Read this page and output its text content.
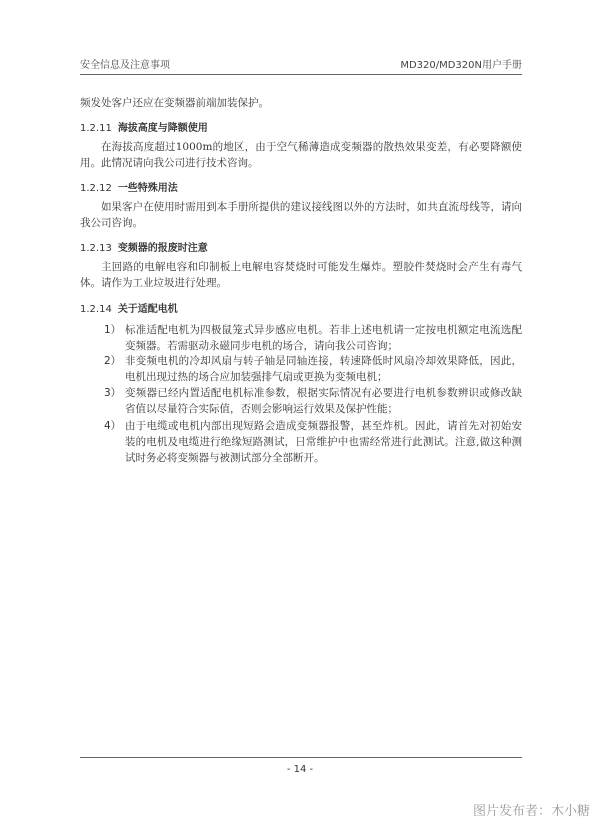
安全信息及注意事项	MD320/MD320N用户手册

频发处客户还应在变频器前端加装保护。

1.2.11 海拔高度与降额使用

在海拔高度超过1000m的地区，由于空气稀薄造成变频器的散热效果变差，有必要降额使用。此情况请向我公司进行技术咨询。

1.2.12 一些特殊用法

如果客户在使用时需用到本手册所提供的建议接线图以外的方法时，如共直流母线等，请向我公司咨询。

1.2.13 变频器的报废时注意

主回路的电解电容和印制板上电解电容焚烧时可能发生爆炸。塑胶件焚烧时会产生有毒气体。请作为工业垃圾进行处理。

1.2.14 关于适配电机

1） 标准适配电机为四极鼠笼式异步感应电机。若非上述电机请一定按电机额定电流选配变频器。若需驱动永磁同步电机的场合，请向我公司咨询；
2） 非变频电机的冷却风扇与转子轴是同轴连接，转速降低时风扇冷却效果降低，因此，电机出现过热的场合应加装强排气扇或更换为变频电机；
3） 变频器已经内置适配电机标准参数，根据实际情况有必要进行电机参数辨识或修改缺省值以尽量符合实际值，否则会影响运行效果及保护性能；
4） 由于电缆或电机内部出现短路会造成变频器报警，甚至炸机。因此，请首先对初始安装的电机及电缆进行绝缘短路测试，日常维护中也需经常进行此测试。注意,做这种测试时务必将变频器与被测试部分全部断开。
- 14 -
图片发布者：木小糖
